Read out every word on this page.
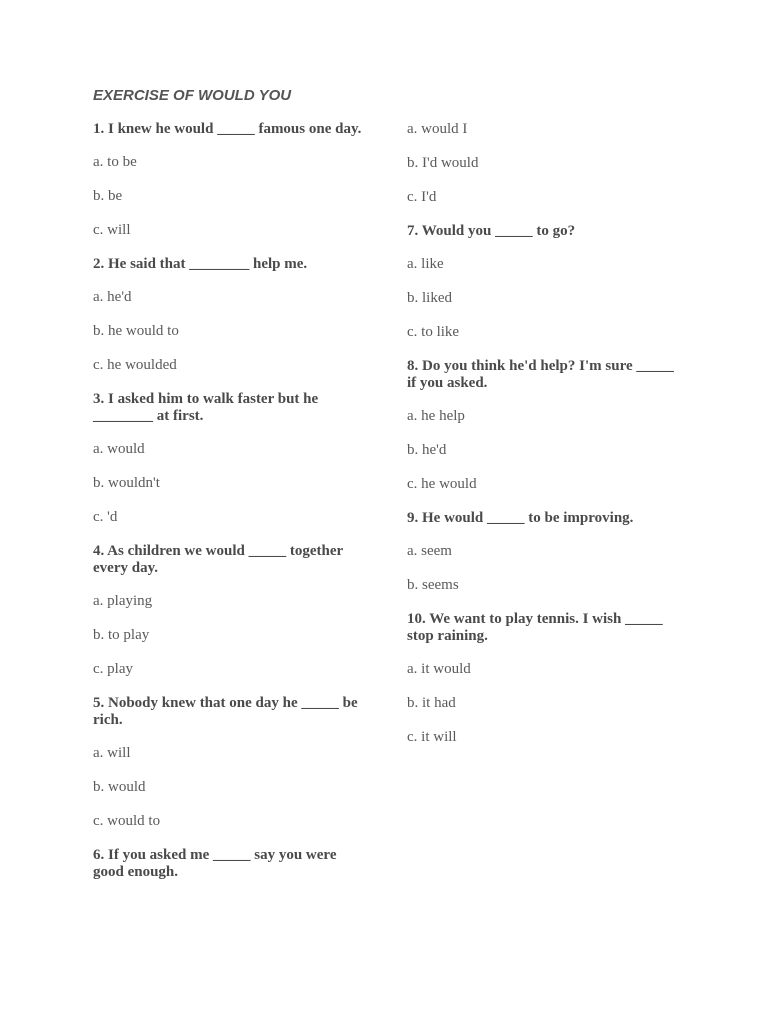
EXERCISE OF WOULD YOU

1. I knew he would _____ famous one day.

a. to be

b. be

c. will

2. He said that ________ help me.

a. he'd

b. he would to

c. he woulded

3. I asked him to walk faster but he ________ at first.

a. would

b. wouldn't

c. 'd

4. As children we would _____ together every day.

a. playing

b. to play

c. play

5. Nobody knew that one day he _____ be rich.

a. will

b. would

c. would to

6. If you asked me _____ say you were good enough.

a. would I

b. I'd would

c. I'd

7. Would you _____ to go?

a. like

b. liked

c. to like

8. Do you think he'd help? I'm sure _____ if you asked.

a. he help

b. he'd

c. he would

9. He would _____ to be improving.

a. seem

b. seems

10. We want to play tennis. I wish _____ stop raining.

a. it would

b. it had

c. it will
